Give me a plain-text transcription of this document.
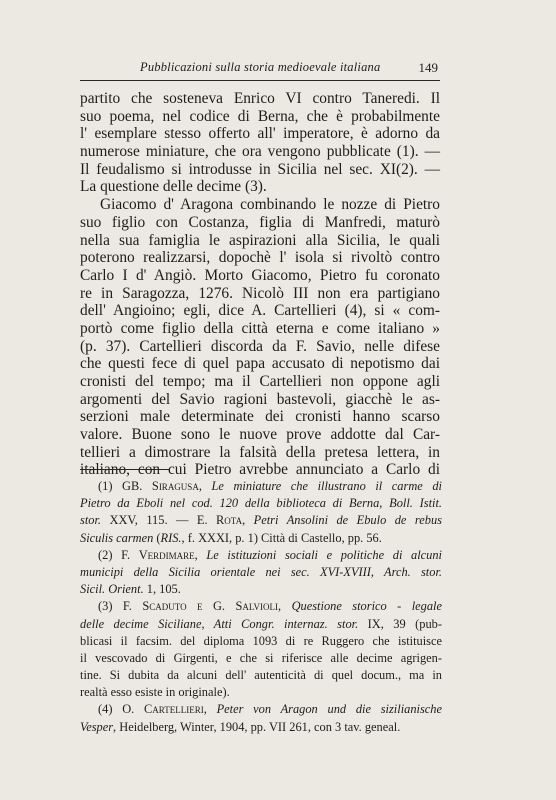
Pubblicazioni sulla storia medioevale italiana	149
partito che sosteneva Enrico VI contro Taneredi. Il
suo poema, nel codice di Berna, che è probabilmente
l' esemplare stesso offerto all' imperatore, è adorno da
numerose miniature, che ora vengono pubblicate (1). —
Il feudalismo si introdusse in Sicilia nel sec. XI(2). —
La questione delle decime (3).
Giacomo d' Aragona combinando le nozze di Pietro
suo figlio con Costanza, figlia di Manfredi, maturò
nella sua famiglia le aspirazioni alla Sicilia, le quali
poterono realizzarsi, dopochè l' isola si rivoltò contro
Carlo I d' Angiò. Morto Giacomo, Pietro fu coronato
re in Saragozza, 1276. Nicolò III non era partigiano
dell' Angioino; egli, dice A. Cartellieri (4), si « com-
portò come figlio della città eterna e come italiano »
(p. 37). Cartellieri discorda da F. Savio, nelle difese
che questi fece di quel papa accusato di nepotismo dai
cronisti del tempo; ma il Cartellieri non oppone agli
argomenti del Savio ragioni bastevoli, giacchè le as-
serzioni male determinate dei cronisti hanno scarso
valore. Buone sono le nuove prove addotte dal Car-
tellieri a dimostrare la falsità della pretesa lettera, in
italiano, con cui Pietro avrebbe annunciato a Carlo di
(1) GB. Siragusa, Le miniature che illustrano il carme di
Pietro da Eboli nel cod. 120 della biblioteca di Berna, Boll. Istit.
stor. XXV, 115. — E. Rota, Petri Ansolini de Ebulo de rebus
Siculis carmen (RIS., f. XXXI, p. 1) Città di Castello, pp. 56.
(2) F. Verdimare, Le istituzioni sociali e politiche di alcuni
municipi della Sicilia orientale nei sec. XVI-XVIII, Arch. stor.
Sicil. Orient. 1, 105.
(3) F. Scaduto e G. Salvioli, Questione storico - legale
delle decime Siciliane, Atti Congr. internaz. stor. IX, 39 (pub-
blicasi il facsim. del diploma 1093 di re Ruggero che istituisce
il vescovado di Girgenti, e che si riferisce alle decime agrigen-
tine. Si dubita da alcuni dell' autenticità di quel docum., ma in
realtà esso esiste in originale).
(4) O. Cartellieri, Peter von Aragon und die sizilianische
Vesper, Heidelberg, Winter, 1904, pp. VII 261, con 3 tav. geneal.
